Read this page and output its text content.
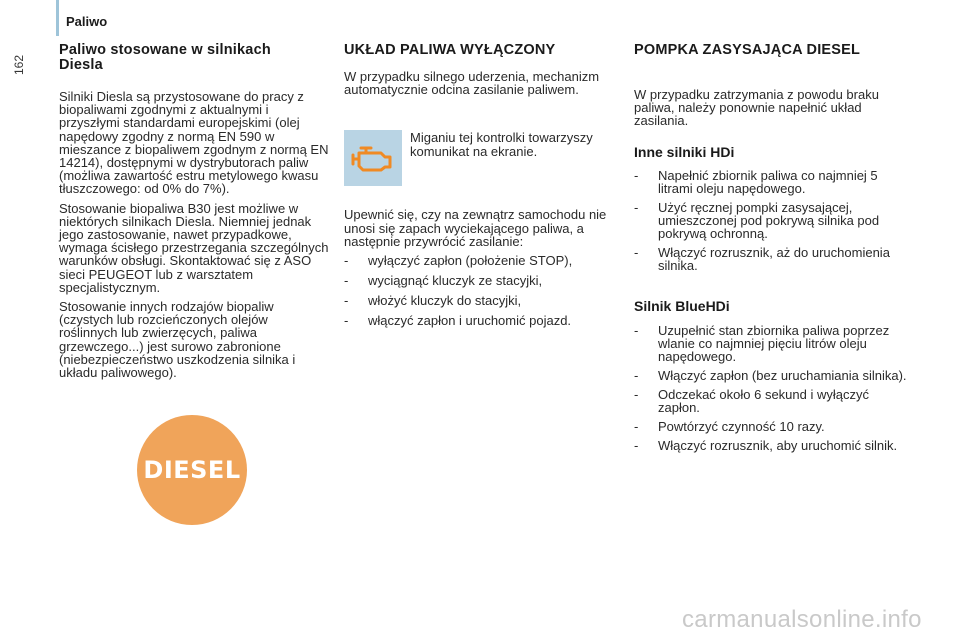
Paliwo
162
Paliwo stosowane w silnikach Diesla

Silniki Diesla są przystosowane do pracy z biopaliwami zgodnymi z aktualnymi i przyszłymi standardami europejskimi (olej napędowy zgodny z normą EN 590 w mieszance z biopaliwem zgodnym z normą EN 14214), dostępnymi w dystrybutorach paliw (możliwa zawartość estru metylowego kwasu tłuszczowego: od 0% do 7%).

Stosowanie biopaliwa B30 jest możliwe w niektórych silnikach Diesla. Niemniej jednak jego zastosowanie, nawet przypadkowe, wymaga ścisłego przestrzegania szczególnych warunków obsługi. Skontaktować się z ASO sieci PEUGEOT lub z warsztatem specjalistycznym.

Stosowanie innych rodzajów biopaliw (czystych lub rozcieńczonych olejów roślinnych lub zwierzęcych, paliwa grzewczego...) jest surowo zabronione (niebezpieczeństwo uszkodzenia silnika i układu paliwowego).

DIESEL
UKŁAD PALIWA WYŁĄCZONY

W przypadku silnego uderzenia, mechanizm automatycznie odcina zasilanie paliwem.

Miganiu tej kontrolki towarzyszy komunikat na ekranie.

Upewnić się, czy na zewnątrz samochodu nie unosi się zapach wyciekającego paliwa, a następnie przywrócić zasilanie:

- wyłączyć zapłon (położenie STOP),
- wyciągnąć kluczyk ze stacyjki,
- włożyć kluczyk do stacyjki,
- włączyć zapłon i uruchomić pojazd.
POMPKA ZASYSAJĄCA DIESEL

W przypadku zatrzymania z powodu braku paliwa, należy ponownie napełnić układ zasilania.

Inne silniki HDi
- Napełnić zbiornik paliwa co najmniej 5 litrami oleju napędowego.
- Użyć ręcznej pompki zasysającej, umieszczonej pod pokrywą silnika pod pokrywą ochronną.
- Włączyć rozrusznik, aż do uruchomienia silnika.
Silnik BlueHDi
- Uzupełnić stan zbiornika paliwa poprzez wlanie co najmniej pięciu litrów oleju napędowego.
- Włączyć zapłon (bez uruchamiania silnika).
- Odczekać około 6 sekund i wyłączyć zapłon.
- Powtórzyć czynność 10 razy.
- Włączyć rozrusznik, aby uruchomić silnik.
carmanualsonline.info
